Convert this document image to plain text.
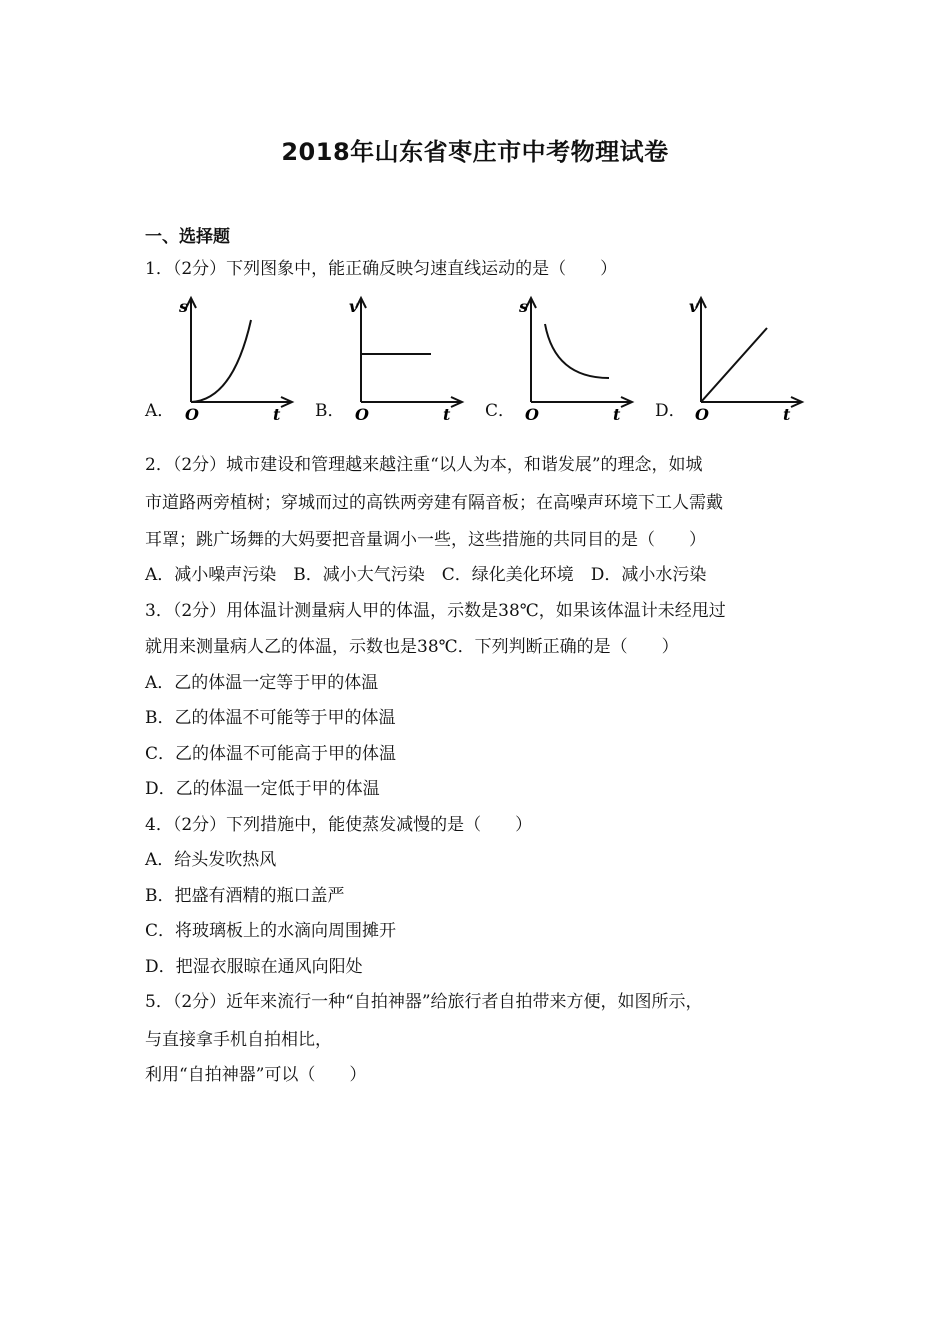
2018年山东省枣庄市中考物理试卷
一、选择题
1．（2分）下列图象中，能正确反映匀速直线运动的是（　　）
A．
s
O	t B．
v
O	t C．
s
O	t D．
v
O	t
2．（2分）城市建设和管理越来越注重“以人为本，和谐发展”的理念，如城
市道路两旁植树；穿城而过的高铁两旁建有隔音板；在高噪声环境下工人需戴
耳罩；跳广场舞的大妈要把音量调小一些，这些措施的共同目的是（　　）
A．减小噪声污染　B．减小大气污染　C．绿化美化环境　D．减小水污染
3．（2分）用体温计测量病人甲的体温，示数是38℃，如果该体温计未经甩过
就用来测量病人乙的体温，示数也是38℃．下列判断正确的是（　　）
A．乙的体温一定等于甲的体温
B．乙的体温不可能等于甲的体温
C．乙的体温不可能高于甲的体温
D．乙的体温一定低于甲的体温
4．（2分）下列措施中，能使蒸发减慢的是（　　）
A．给头发吹热风
B．把盛有酒精的瓶口盖严
C．将玻璃板上的水滴向周围摊开
D．把湿衣服晾在通风向阳处
5．（2分）近年来流行一种“自拍神器”给旅行者自拍带来方便，如图所示，
与直接拿手机自拍相比，
利用“自拍神器”可以（　　）
